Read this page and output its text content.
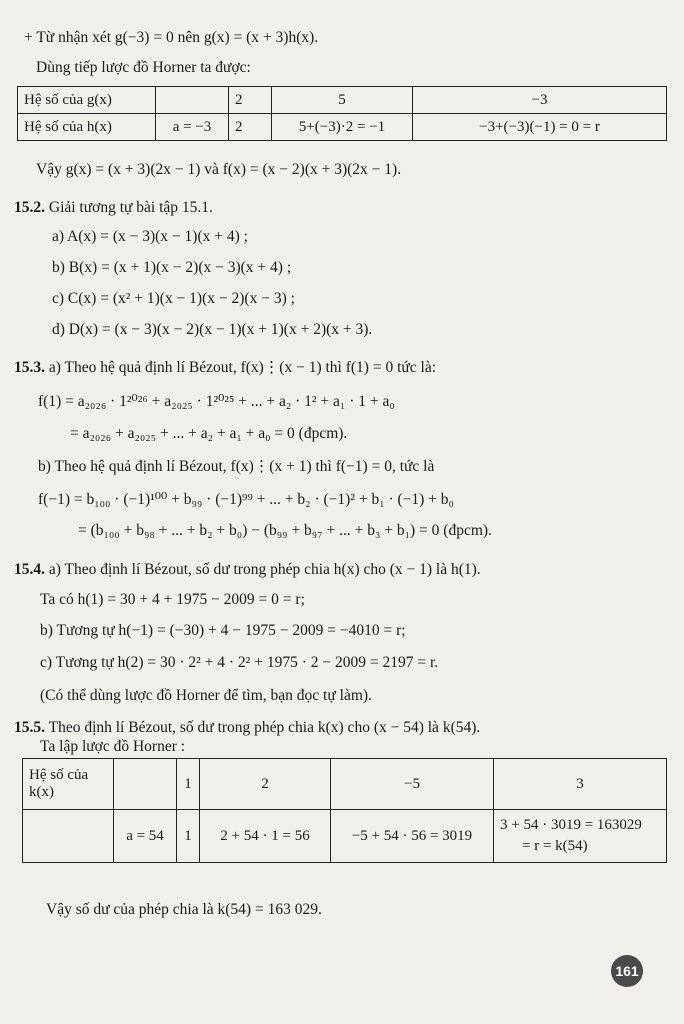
+ Từ nhận xét g(−3) = 0 nên g(x) = (x + 3)h(x).
Dùng tiếp lược đồ Horner ta được:
Hệ số của g(x)		2	5	−3
Hệ số của h(x)	a = −3	2	5+(−3)·2 = −1	−3+(−3)(−1) = 0 = r
Vậy g(x) = (x + 3)(2x − 1) và f(x) = (x − 2)(x + 3)(2x − 1).
15.2. Giải tương tự bài tập 15.1.
a) A(x) = (x − 3)(x − 1)(x + 4) ;
b) B(x) = (x + 1)(x − 2)(x − 3)(x + 4) ;
c) C(x) = (x² + 1)(x − 1)(x − 2)(x − 3) ;
d) D(x) = (x − 3)(x − 2)(x − 1)(x + 1)(x + 2)(x + 3).
15.3. a) Theo hệ quả định lí Bézout, f(x)⋮(x − 1) thì f(1) = 0 tức là:
f(1) = a₂₀₂₆ · 1²⁰²⁶ + a₂₀₂₅ · 1²⁰²⁵ + ... + a₂ · 1² + a₁ · 1 + a₀
= a₂₀₂₆ + a₂₀₂₅ + ... + a₂ + a₁ + a₀ = 0 (đpcm).
b) Theo hệ quả định lí Bézout, f(x)⋮(x + 1) thì f(−1) = 0, tức là
f(−1) = b₁₀₀ · (−1)¹⁰⁰ + b₉₉ · (−1)⁹⁹ + ... + b₂ · (−1)² + b₁ · (−1) + b₀
= (b₁₀₀ + b₉₈ + ... + b₂ + b₀) − (b₉₉ + b₉₇ + ... + b₃ + b₁) = 0 (đpcm).
15.4. a) Theo định lí Bézout, số dư trong phép chia h(x) cho (x − 1) là h(1).
Ta có h(1) = 30 + 4 + 1975 − 2009 = 0 = r;
b) Tương tự h(−1) = (−30) + 4 − 1975 − 2009 = −4010 = r;
c) Tương tự h(2) = 30 · 2² + 4 · 2² + 1975 · 2 − 2009 = 2197 = r.
(Có thể dùng lược đồ Horner để tìm, bạn đọc tự làm).
15.5. Theo định lí Bézout, số dư trong phép chia k(x) cho (x − 54) là k(54).
Ta lập lược đồ Horner :
Hệ số của k(x)		1	2	−5	3
	a = 54	1	2 + 54 · 1 = 56	−5 + 54 · 56 = 3019	3 + 54 · 3019 = 163029
= r = k(54)
Vậy số dư của phép chia là k(54) = 163 029.
161
